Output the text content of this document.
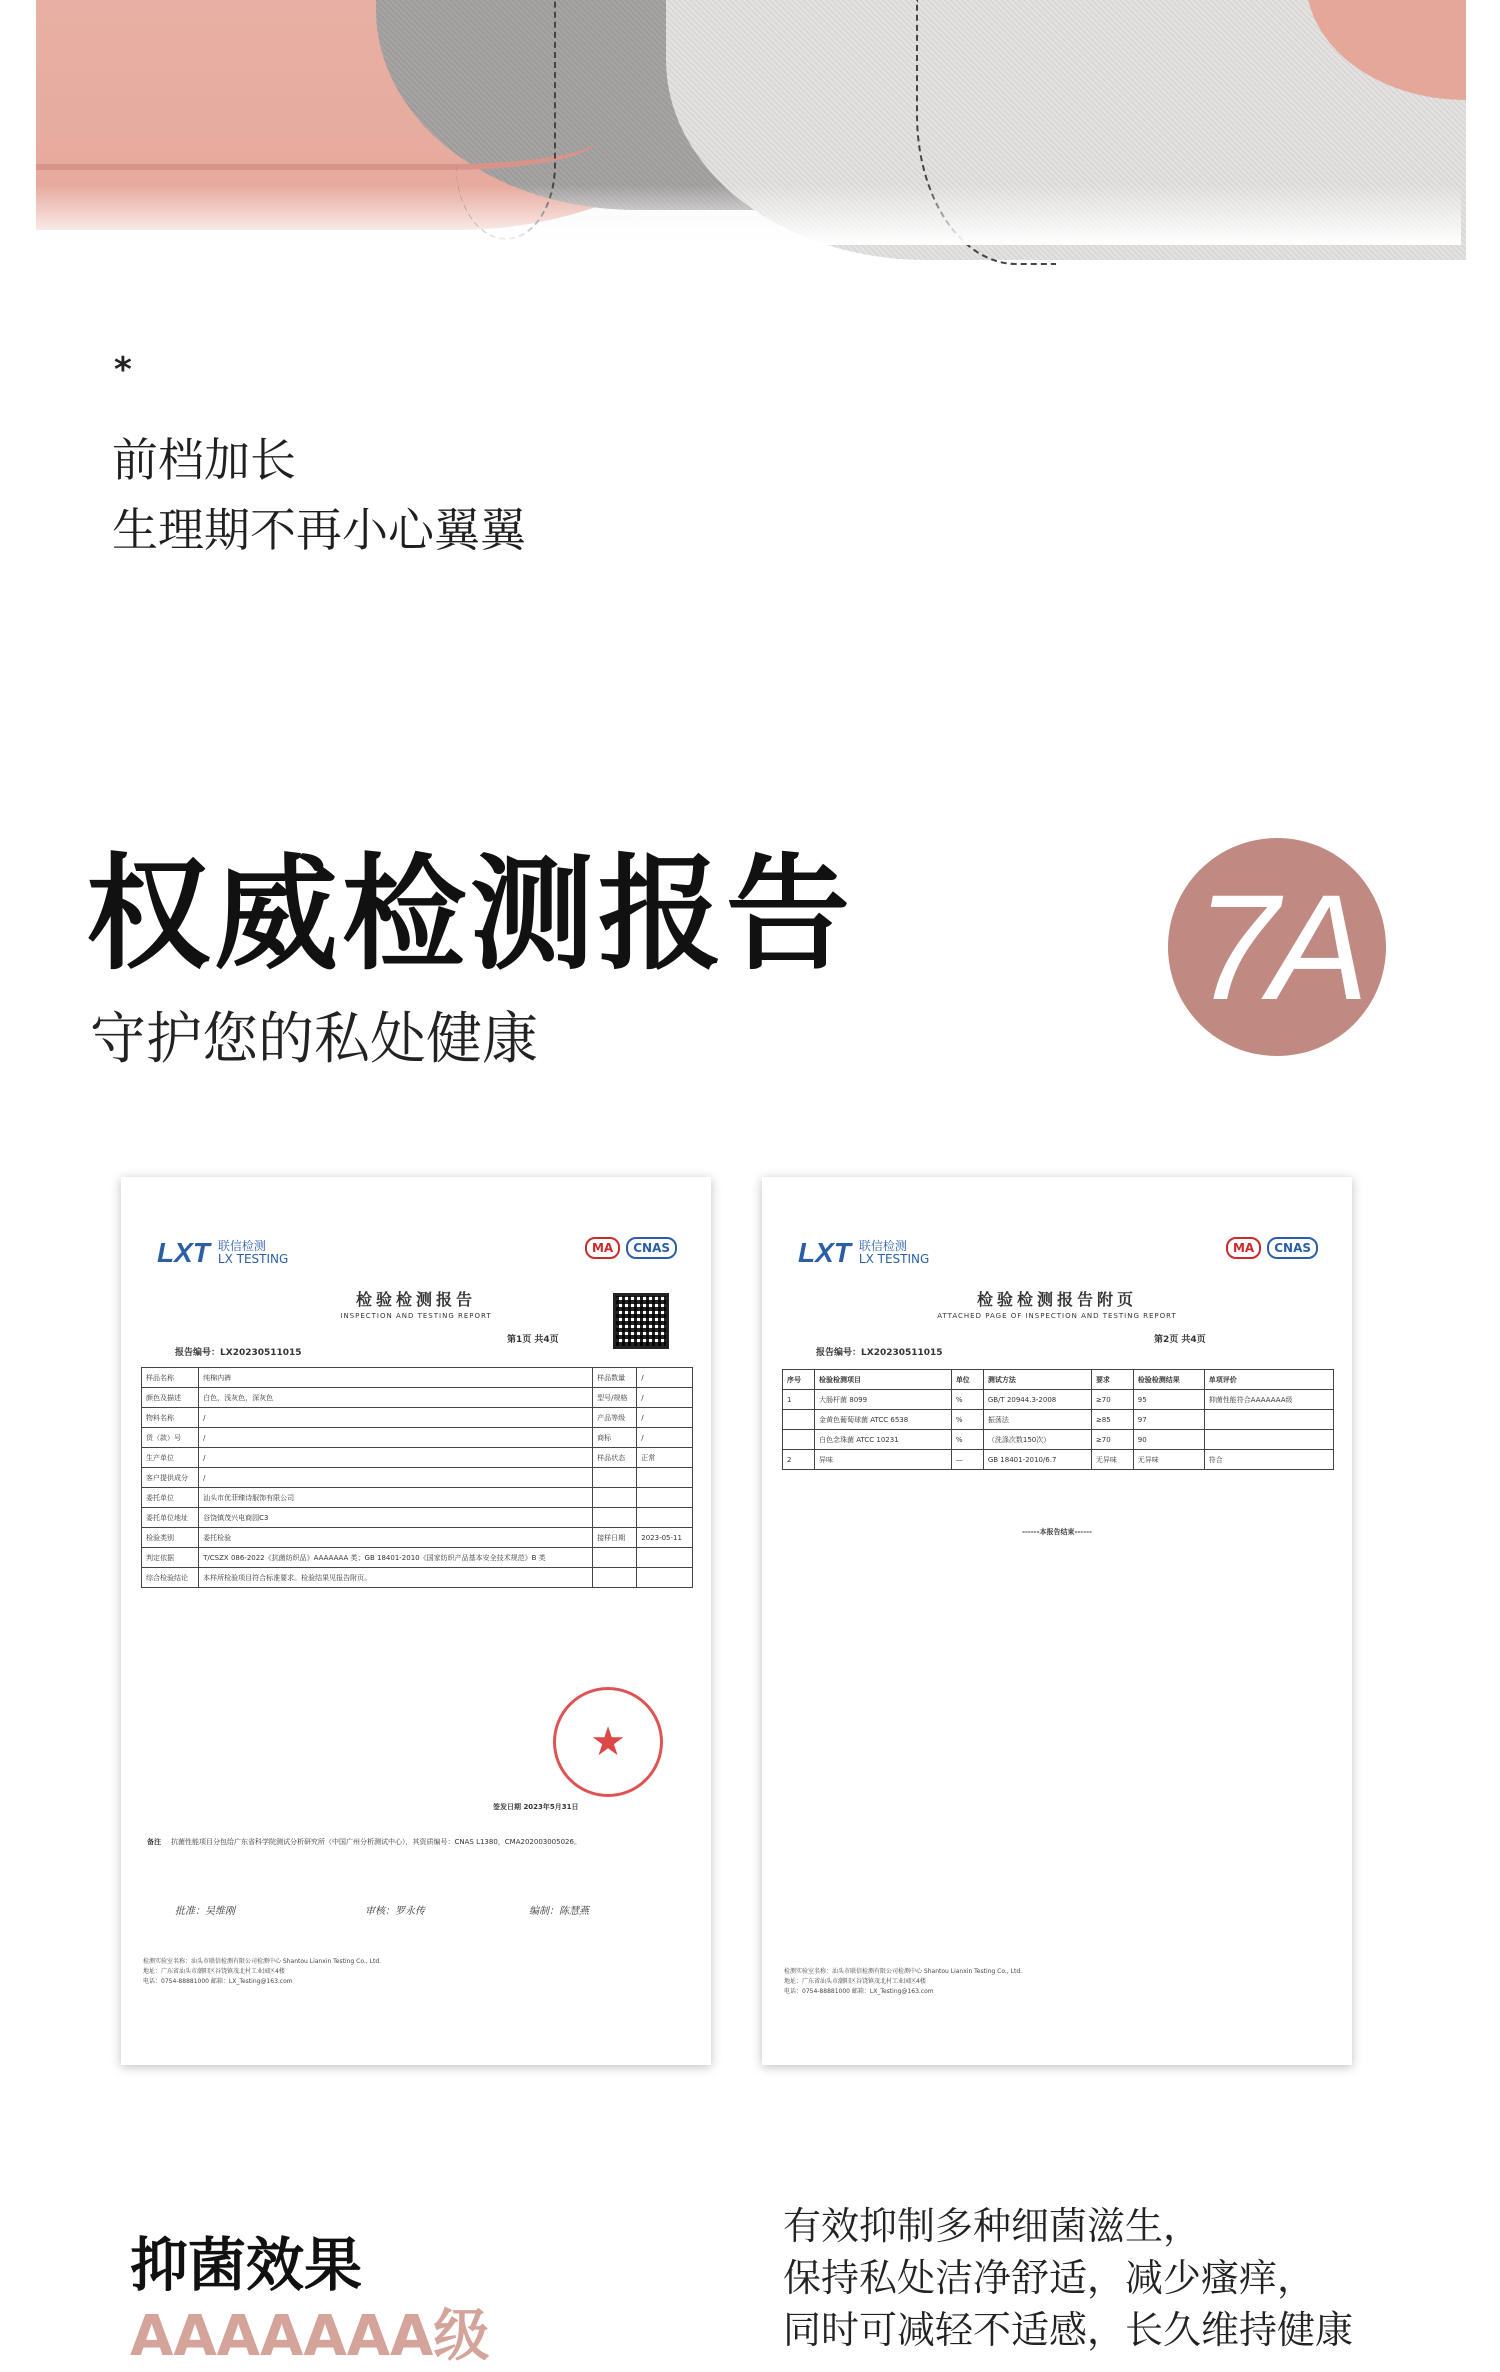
*
前档加长
生理期不再小心翼翼
权威检测报告
守护您的私处健康
7A
LXT 联信检测
LX TESTING
MA	CNAS
检验检测报告
INSPECTION AND TESTING REPORT
报告编号：LX20230511015
第1页 共4页
样品名称	纯棉内裤	样品数量	/
颜色及描述	白色，浅灰色，深灰色	型号/规格	/
物料名称	/	产品等级	/
货（款）号	/	商标	/
生产单位	/	样品状态	正常
客户提供成分	/		
委托单位	汕头市优菲臻诗服饰有限公司		
委托单位地址	谷饶镇茂兴电商园C3		
检验类别	委托检验	接样日期	2023-05-11
判定依据	T/CSZX 086-2022《抗菌纺织品》AAAAAAA 类；GB 18401-2010《国家纺织产品基本安全技术规范》B 类		
综合检验结论	本样所检验项目符合标准要求。检验结果见报告附页。		
★
签发日期 2023年5月31日
备注 抗菌性能项目分包给广东省科学院测试分析研究所（中国广州分析测试中心），其资质编号：CNAS L1380，CMA202003005026。
批准：吴维刚	审核：罗永传	编制：陈慧燕
检测实验室名称：汕头市联信检测有限公司检测中心 Shantou Lianxin Testing Co., Ltd.
地址：广东省汕头市潮阳区谷饶镇茂北村工业园区4楼
电话：0754-88881000 邮箱：LX_Testing@163.com
LXT 联信检测
LX TESTING
MA	CNAS
检验检测报告附页
ATTACHED PAGE OF INSPECTION AND TESTING REPORT
报告编号：LX20230511015
第2页 共4页
序号	检验检测项目	单位	测试方法	要求	检验检测结果	单项评价
1	大肠杆菌 8099	%	GB/T 20944.3-2008	≥70	95	抑菌性能符合AAAAAAA级
	金黄色葡萄球菌 ATCC 6538	%	振荡法	≥85	97	
	白色念珠菌 ATCC 10231	%	（洗涤次数150次）	≥70	90	
2	异味	—	GB 18401-2010/6.7	无异味	无异味	符合
------本报告结束------
检测实验室名称：汕头市联信检测有限公司检测中心 Shantou Lianxin Testing Co., Ltd.
地址：广东省汕头市潮阳区谷饶镇茂北村工业园区4楼
电话：0754-88881000 邮箱：LX_Testing@163.com
抑菌效果
AAAAAAA级
有效抑制多种细菌滋生，
保持私处洁净舒适，减少瘙痒，
同时可减轻不适感，长久维持健康
